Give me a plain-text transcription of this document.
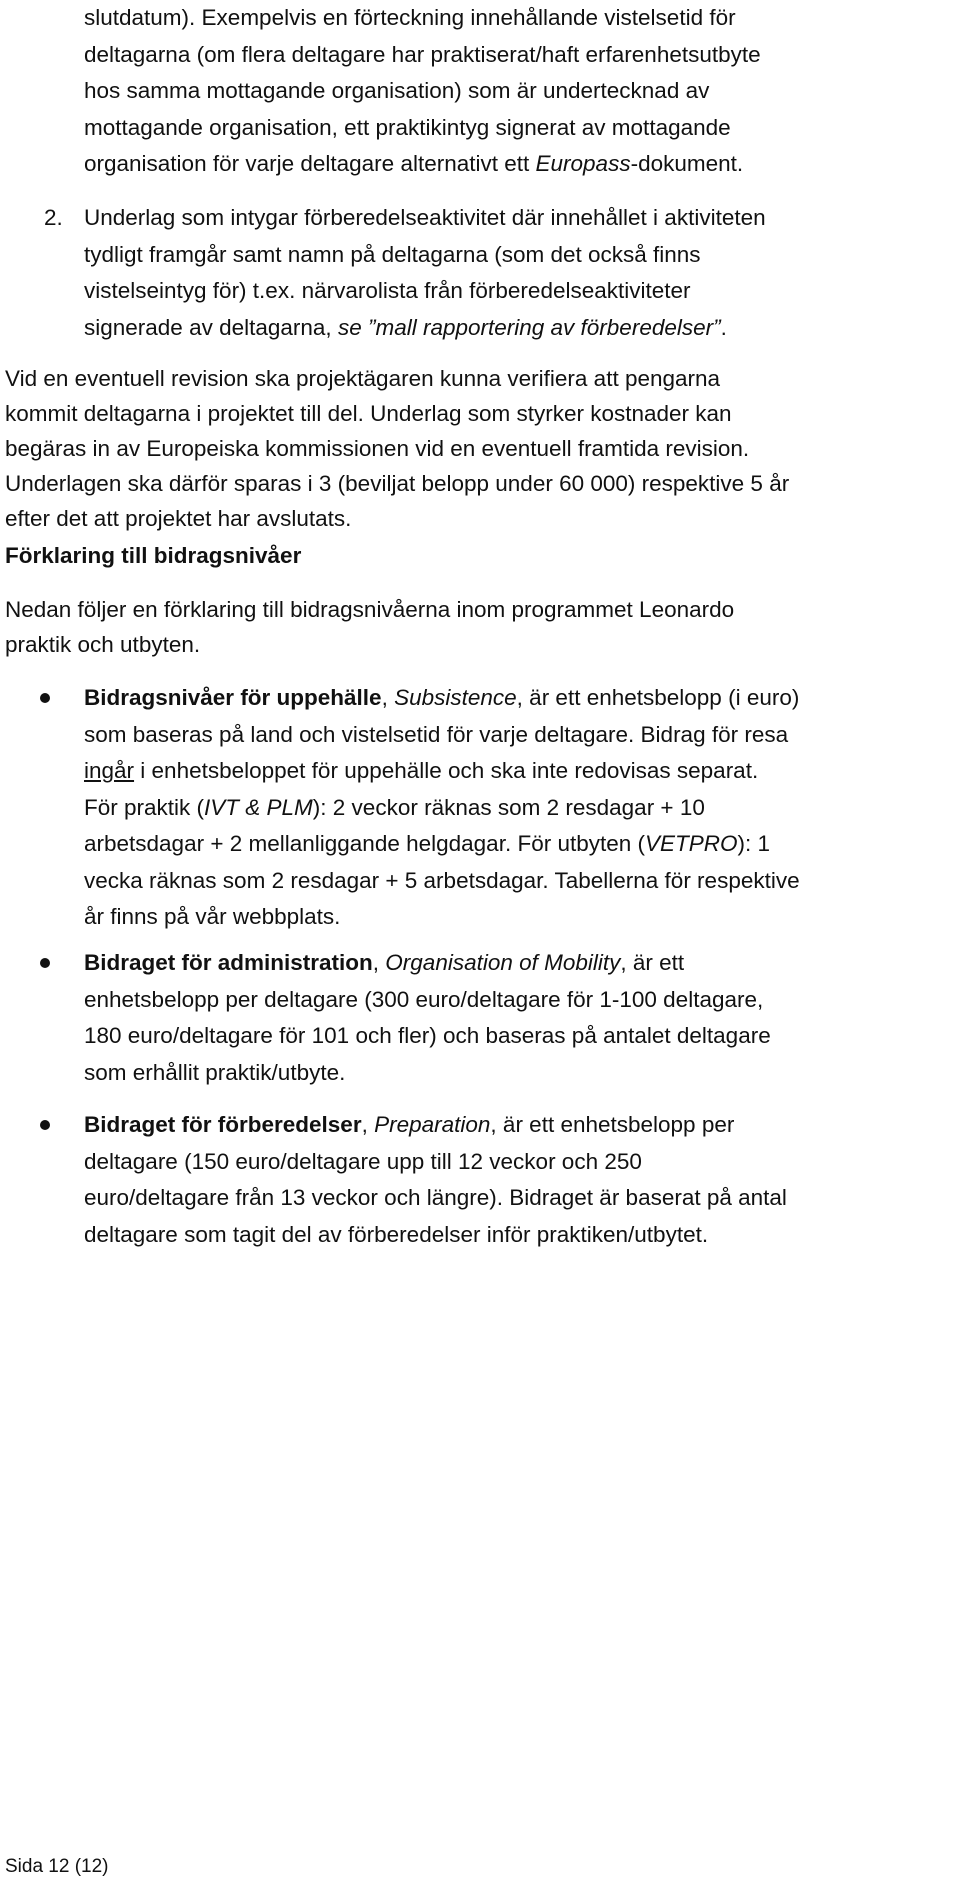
slutdatum). Exempelvis en förteckning innehållande vistelsetid för
deltagarna (om flera deltagare har praktiserat/haft erfarenhetsutbyte
hos samma mottagande organisation) som är undertecknad av
mottagande organisation, ett praktikintyg signerat av mottagande
organisation för varje deltagare alternativt ett Europass-dokument.

2. Underlag som intygar förberedelseaktivitet där innehållet i aktiviteten
tydligt framgår samt namn på deltagarna (som det också finns
vistelseintyg för) t.ex. närvarolista från förberedelseaktiviteter
signerade av deltagarna, se ”mall rapportering av förberedelser”.

Vid en eventuell revision ska projektägaren kunna verifiera att pengarna
kommit deltagarna i projektet till del. Underlag som styrker kostnader kan
begäras in av Europeiska kommissionen vid en eventuell framtida revision.
Underlagen ska därför sparas i 3 (beviljat belopp under 60 000) respektive 5 år
efter det att projektet har avslutats.

Förklaring till bidragsnivåer

Nedan följer en förklaring till bidragsnivåerna inom programmet Leonardo
praktik och utbyten.

Bidragsnivåer för uppehälle, Subsistence, är ett enhetsbelopp (i euro)
som baseras på land och vistelsetid för varje deltagare. Bidrag för resa
ingår i enhetsbeloppet för uppehälle och ska inte redovisas separat.
För praktik (IVT & PLM): 2 veckor räknas som 2 resdagar + 10
arbetsdagar + 2 mellanliggande helgdagar. För utbyten (VETPRO): 1
vecka räknas som 2 resdagar + 5 arbetsdagar. Tabellerna för respektive
år finns på vår webbplats.

Bidraget för administration, Organisation of Mobility, är ett
enhetsbelopp per deltagare (300 euro/deltagare för 1-100 deltagare,
180 euro/deltagare för 101 och fler) och baseras på antalet deltagare
som erhållit praktik/utbyte.

Bidraget för förberedelser, Preparation, är ett enhetsbelopp per
deltagare (150 euro/deltagare upp till 12 veckor och 250
euro/deltagare från 13 veckor och längre). Bidraget är baserat på antal
deltagare som tagit del av förberedelser inför praktiken/utbytet.

Sida 12 (12)
